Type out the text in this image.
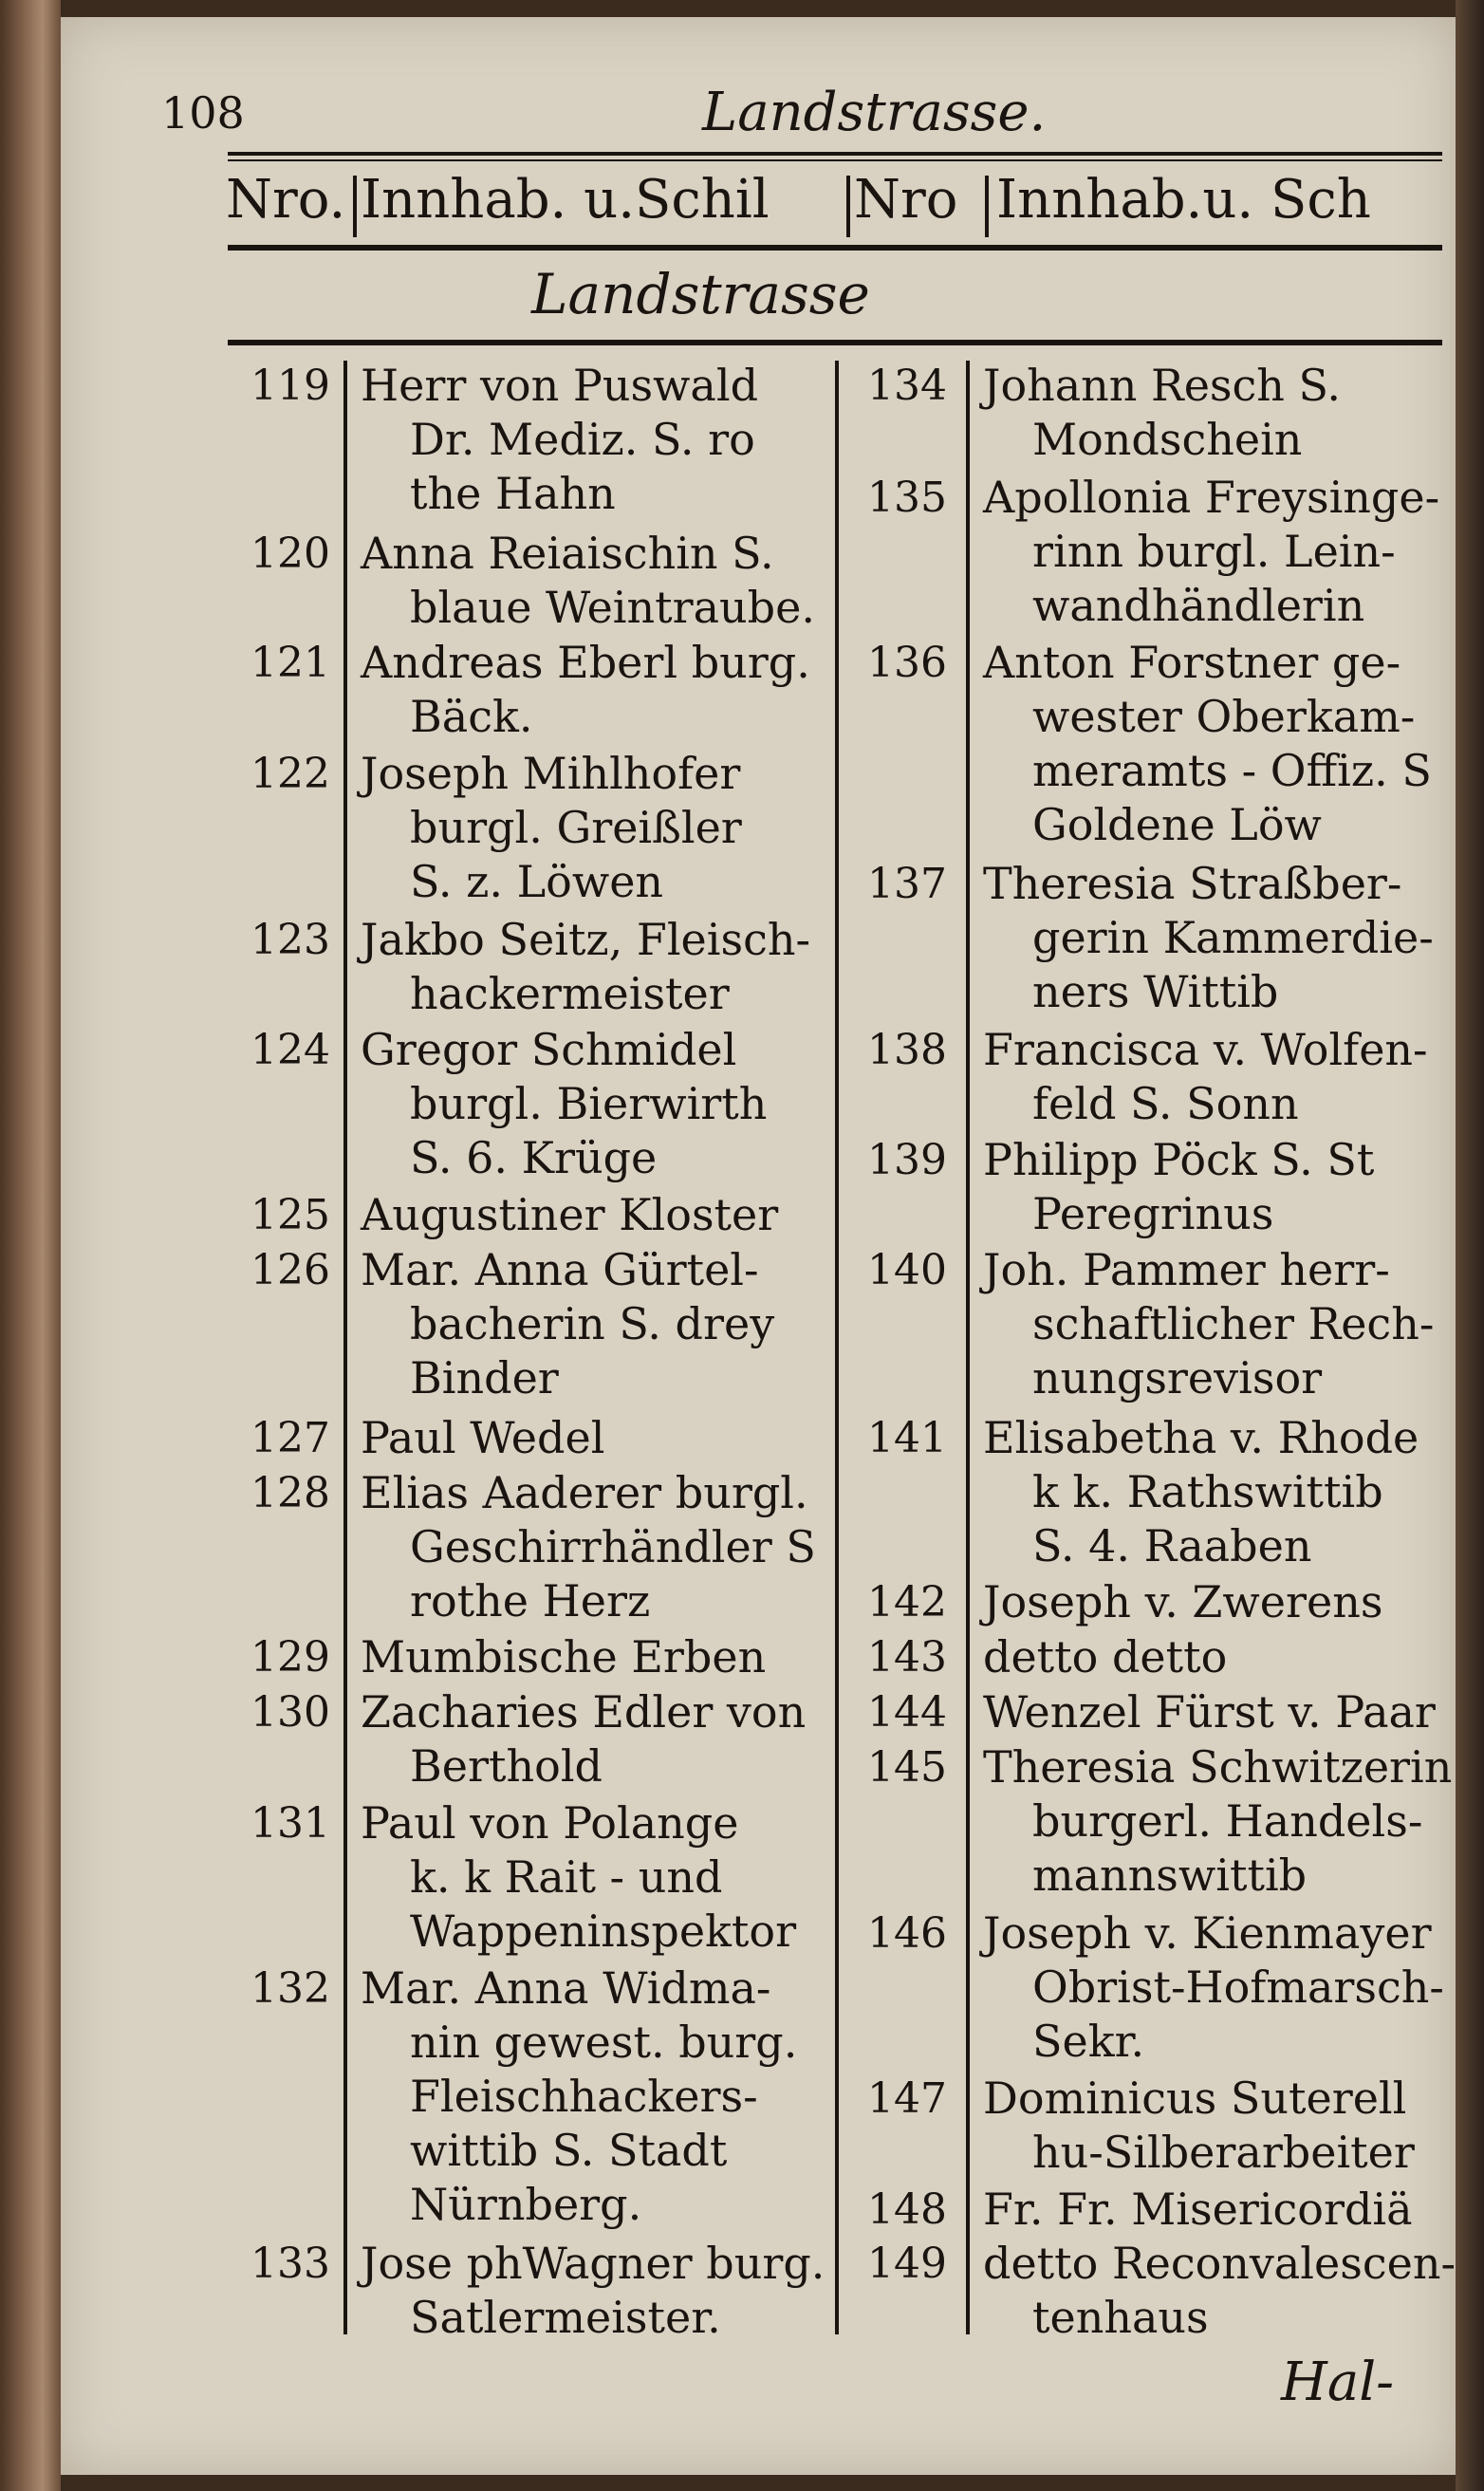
108	Landstrasse.
Nro. Innhab. u.Schil Nro Innhab.u. Sch
Landstrasse
Herr von Puswald
Dr. Mediz. S. ro
the Hahn
119
Anna Reiaischin S.
blaue Weintraube.
120
Andreas Eberl burg.
Bäck.
121
Joseph Mihlhofer
burgl. Greißler
S. z. Löwen
122
Jakbo Seitz, Fleisch-
hackermeister
123
Gregor Schmidel
burgl. Bierwirth
S. 6. Krüge
124
Augustiner Kloster
125
Mar. Anna Gürtel-
bacherin S. drey
Binder
126
Paul Wedel
127
Elias Aaderer burgl.
Geschirrhändler S
rothe Herz
128
Mumbische Erben
129
Zacharies Edler von
Berthold
130
Paul von Polange
k. k Rait - und
Wappeninspektor
131
Mar. Anna Widma-
nin gewest. burg.
Fleischhackers-
wittib S. Stadt
Nürnberg.
132
Jose phWagner burg.
Satlermeister.
133
Johann Resch S.
Mondschein
134
Apollonia Freysinge-
rinn burgl. Lein-
wandhändlerin
135
Anton Forstner ge-
wester Oberkam-
meramts - Offiz. S
Goldene Löw
136
Theresia Straßber-
gerin Kammerdie-
ners Wittib
137
Franciscа v. Wolfen-
feld S. Sonn
138
Philipp Pöck S. St
Peregrinus
139
Joh. Pammer herr-
schaftlicher Rech-
nungsrevisor
140
Elisabetha v. Rhode
k k. Rathswittib
S. 4. Raaben
141
Joseph v. Zwerens
142
detto detto
143
Wenzel Fürst v. Paar
144
Theresia Schwitzerin
burgerl. Handels-
mannswittib
145
Joseph v. Kienmayer
Obrist-Hofmarsch-
Sekr.
146
Dominicus Suterell
hu-Silberarbeiter
147
Fr. Fr. Misericordiä
148
detto Reconvalescen-
tenhaus
149
Hal-
